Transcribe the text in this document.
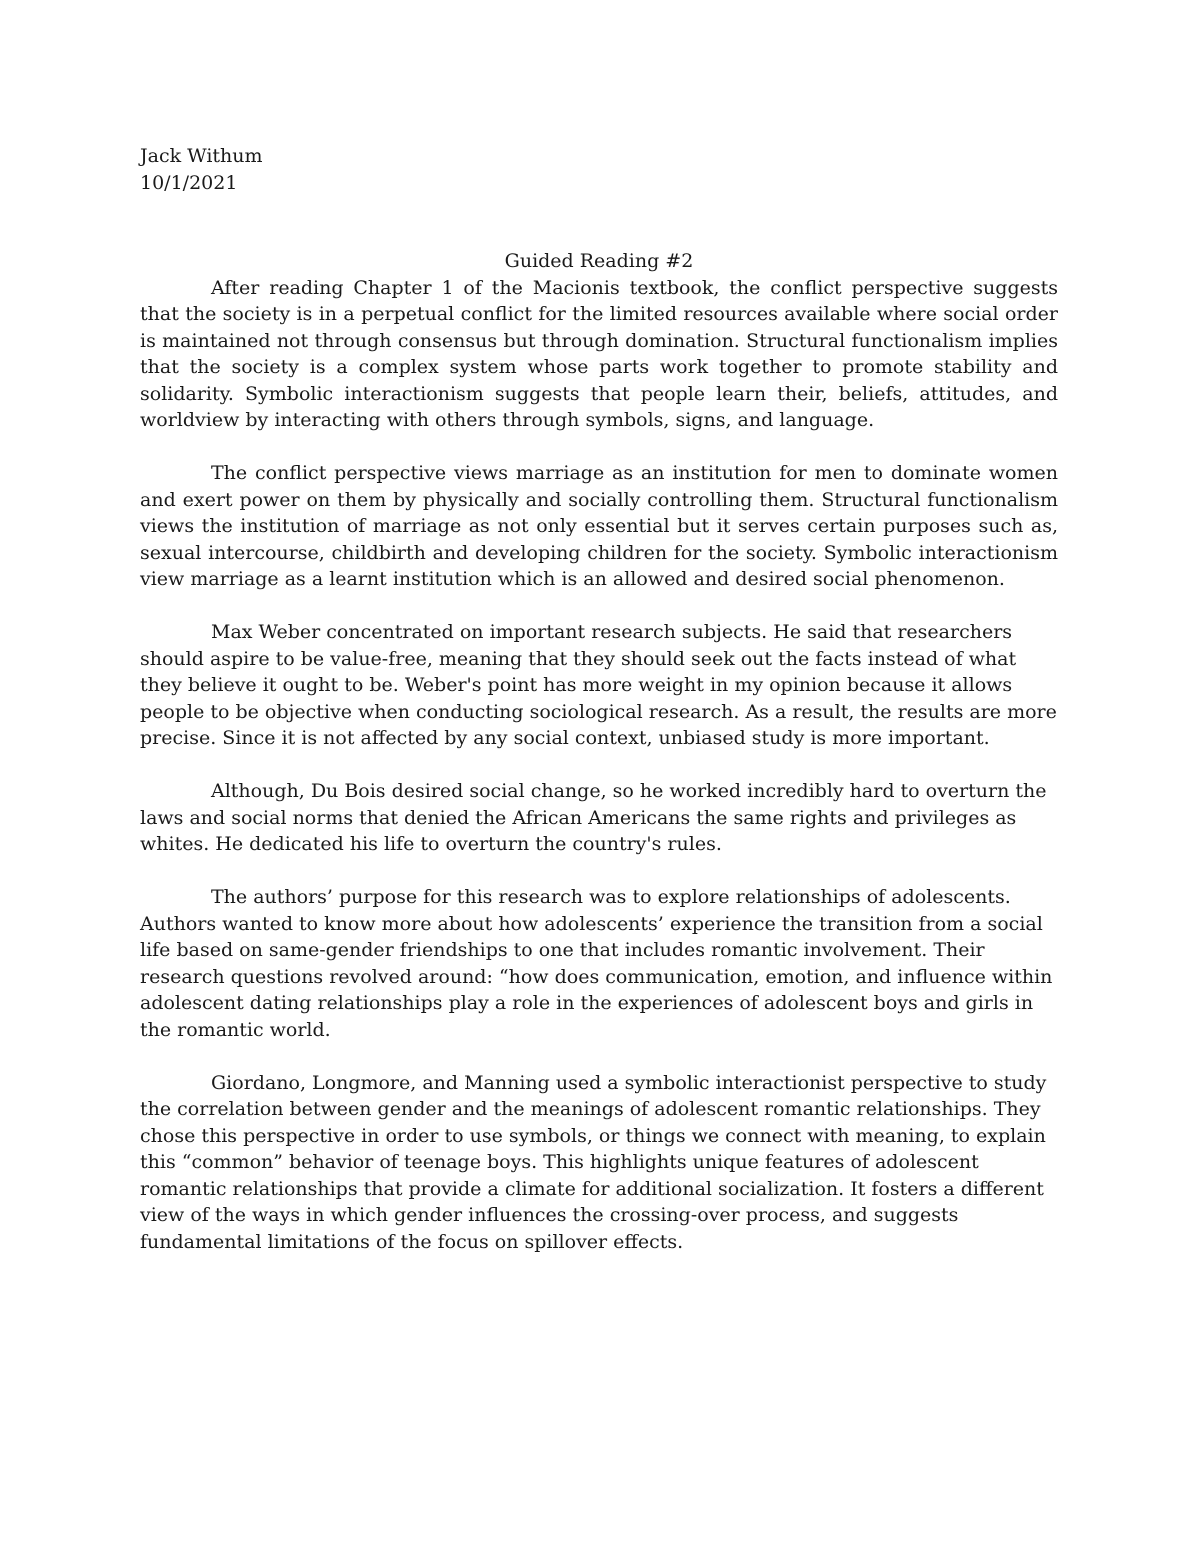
Jack Withum

10/1/2021

Guided Reading #2

After reading Chapter 1 of the Macionis textbook, the conflict perspective suggests that the society is in a perpetual conflict for the limited resources available where social order is maintained not through consensus but through domination. Structural functionalism implies that the society is a complex system whose parts work together to promote stability and solidarity. Symbolic interactionism suggests that people learn their, beliefs, attitudes, and worldview by interacting with others through symbols, signs, and language.

The conflict perspective views marriage as an institution for men to dominate women and exert power on them by physically and socially controlling them. Structural functionalism views the institution of marriage as not only essential but it serves certain purposes such as, sexual intercourse, childbirth and developing children for the society. Symbolic interactionism view marriage as a learnt institution which is an allowed and desired social phenomenon.

Max Weber concentrated on important research subjects. He said that researchers should aspire to be value-free, meaning that they should seek out the facts instead of what they believe it ought to be. Weber's point has more weight in my opinion because it allows people to be objective when conducting sociological research. As a result, the results are more precise. Since it is not affected by any social context, unbiased study is more important.

Although, Du Bois desired social change, so he worked incredibly hard to overturn the laws and social norms that denied the African Americans the same rights and privileges as whites. He dedicated his life to overturn the country's rules.

The authors’ purpose for this research was to explore relationships of adolescents. Authors wanted to know more about how adolescents’ experience the transition from a social life based on same-gender friendships to one that includes romantic involvement. Their research questions revolved around: “how does communication, emotion, and influence within adolescent dating relationships play a role in the experiences of adolescent boys and girls in the romantic world.

Giordano, Longmore, and Manning used a symbolic interactionist perspective to study the correlation between gender and the meanings of adolescent romantic relationships. They chose this perspective in order to use symbols, or things we connect with meaning, to explain this “common” behavior of teenage boys. This highlights unique features of adolescent romantic relationships that provide a climate for additional socialization. It fosters a different view of the ways in which gender influences the crossing-over process, and suggests fundamental limitations of the focus on spillover effects.
